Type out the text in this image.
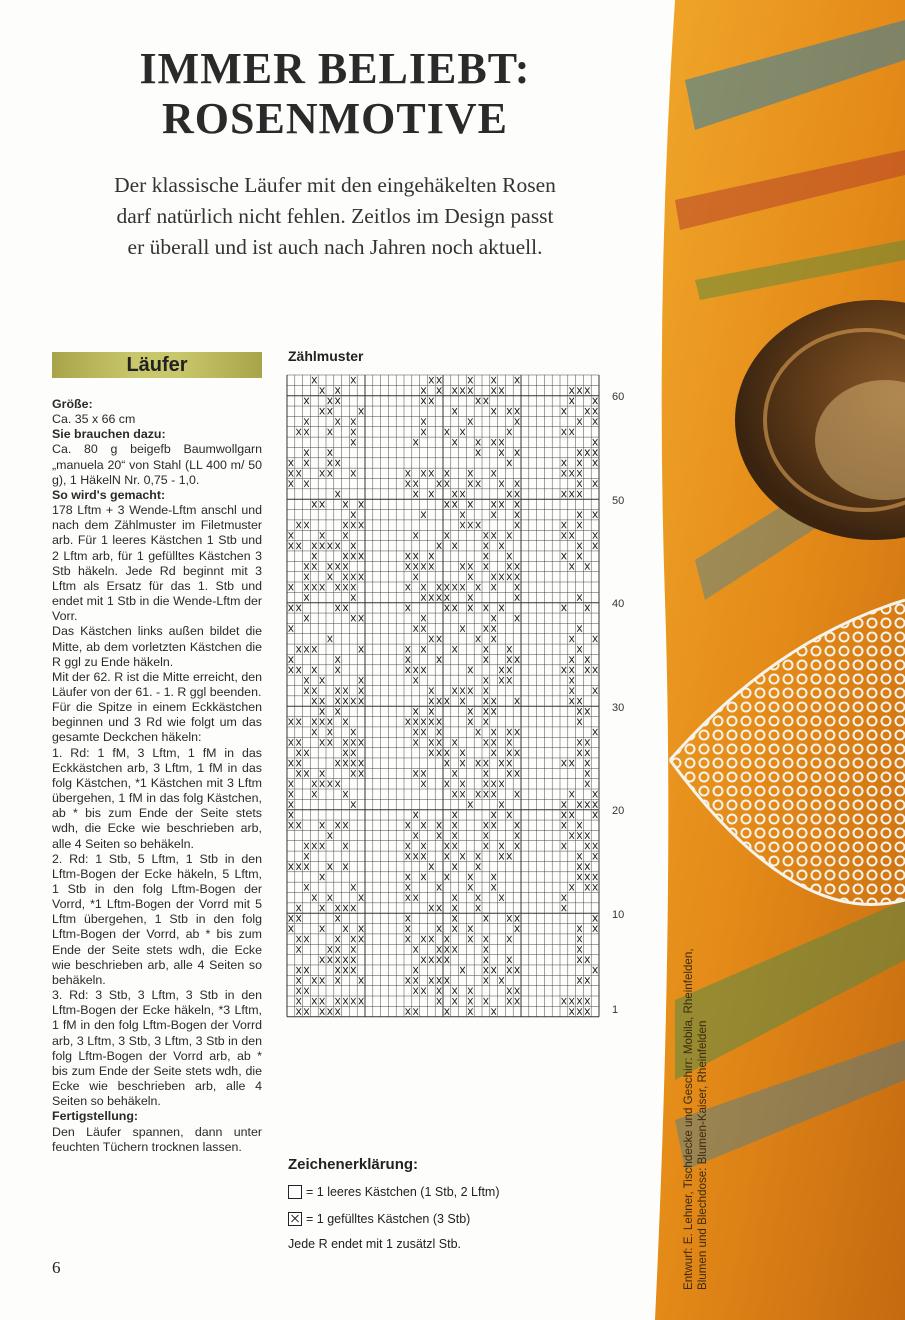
IMMER BELIEBT:
ROSENMOTIVE
Der klassische Läufer mit den eingehäkelten Rosen
darf natürlich nicht fehlen. Zeitlos im Design passt
er überall und ist auch nach Jahren noch aktuell.
Läufer
Größe:
Ca. 35 x 66 cm
Sie brauchen dazu:
Ca. 80 g beigefb Baumwollgarn „manuela 20“ von Stahl (LL 400 m/ 50 g), 1 HäkelN Nr. 0,75 - 1,0.
So wird's gemacht:
178 Lftm + 3 Wende-Lftm anschl und nach dem Zählmuster im Filetmuster arb. Für 1 leeres Kästchen 1 Stb und 2 Lftm arb, für 1 gefülltes Kästchen 3 Stb häkeln. Jede Rd beginnt mit 3 Lftm als Ersatz für das 1. Stb und endet mit 1 Stb in die Wende-Lftm der Vorr.
Das Kästchen links außen bildet die Mitte, ab dem vorletzten Kästchen die R ggl zu Ende häkeln.
Mit der 62. R ist die Mitte erreicht, den Läufer von der 61. - 1. R ggl beenden.
Für die Spitze in einem Eckkästchen beginnen und 3 Rd wie folgt um das gesamte Deckchen häkeln:
1. Rd: 1 fM, 3 Lftm, 1 fM in das Eckkästchen arb, 3 Lftm, 1 fM in das folg Kästchen, *1 Kästchen mit 3 Lftm übergehen, 1 fM in das folg Kästchen, ab * bis zum Ende der Seite stets wdh, die Ecke wie beschrieben arb, alle 4 Seiten so behäkeln.
2. Rd: 1 Stb, 5 Lftm, 1 Stb in den Lftm-Bogen der Ecke häkeln, 5 Lftm, 1 Stb in den folg Lftm-Bogen der Vorrd, *1 Lftm-Bogen der Vorrd mit 5 Lftm übergehen, 1 Stb in den folg Lftm-Bogen der Vorrd, ab * bis zum Ende der Seite stets wdh, die Ecke wie beschrieben arb, alle 4 Seiten so behäkeln.
3. Rd: 3 Stb, 3 Lftm, 3 Stb in den Lftm-Bogen der Ecke häkeln, *3 Lftm, 1 fM in den folg Lftm-Bogen der Vorrd arb, 3 Lftm, 3 Stb, 3 Lftm, 3 Stb in den folg Lftm-Bogen der Vorrd arb, ab * bis zum Ende der Seite stets wdh, die Ecke wie beschrieben arb, alle 4 Seiten so behäkeln.
Fertigstellung:
Den Läufer spannen, dann unter feuchten Tüchern trocknen lassen.
6
Zählmuster
60
50
40
30
20
10
1
Zeichenerklärung:
= 1 leeres Kästchen (1 Stb, 2 Lftm)
= 1 gefülltes Kästchen (3 Stb)
Jede R endet mit 1 zusätzl Stb.	Entwurf: E. Lehner, Tischdecke und Geschirr: Mobila, Rheinfelden, Blumen und Blechdose: Blumen-Kaiser, Rheinfelden
